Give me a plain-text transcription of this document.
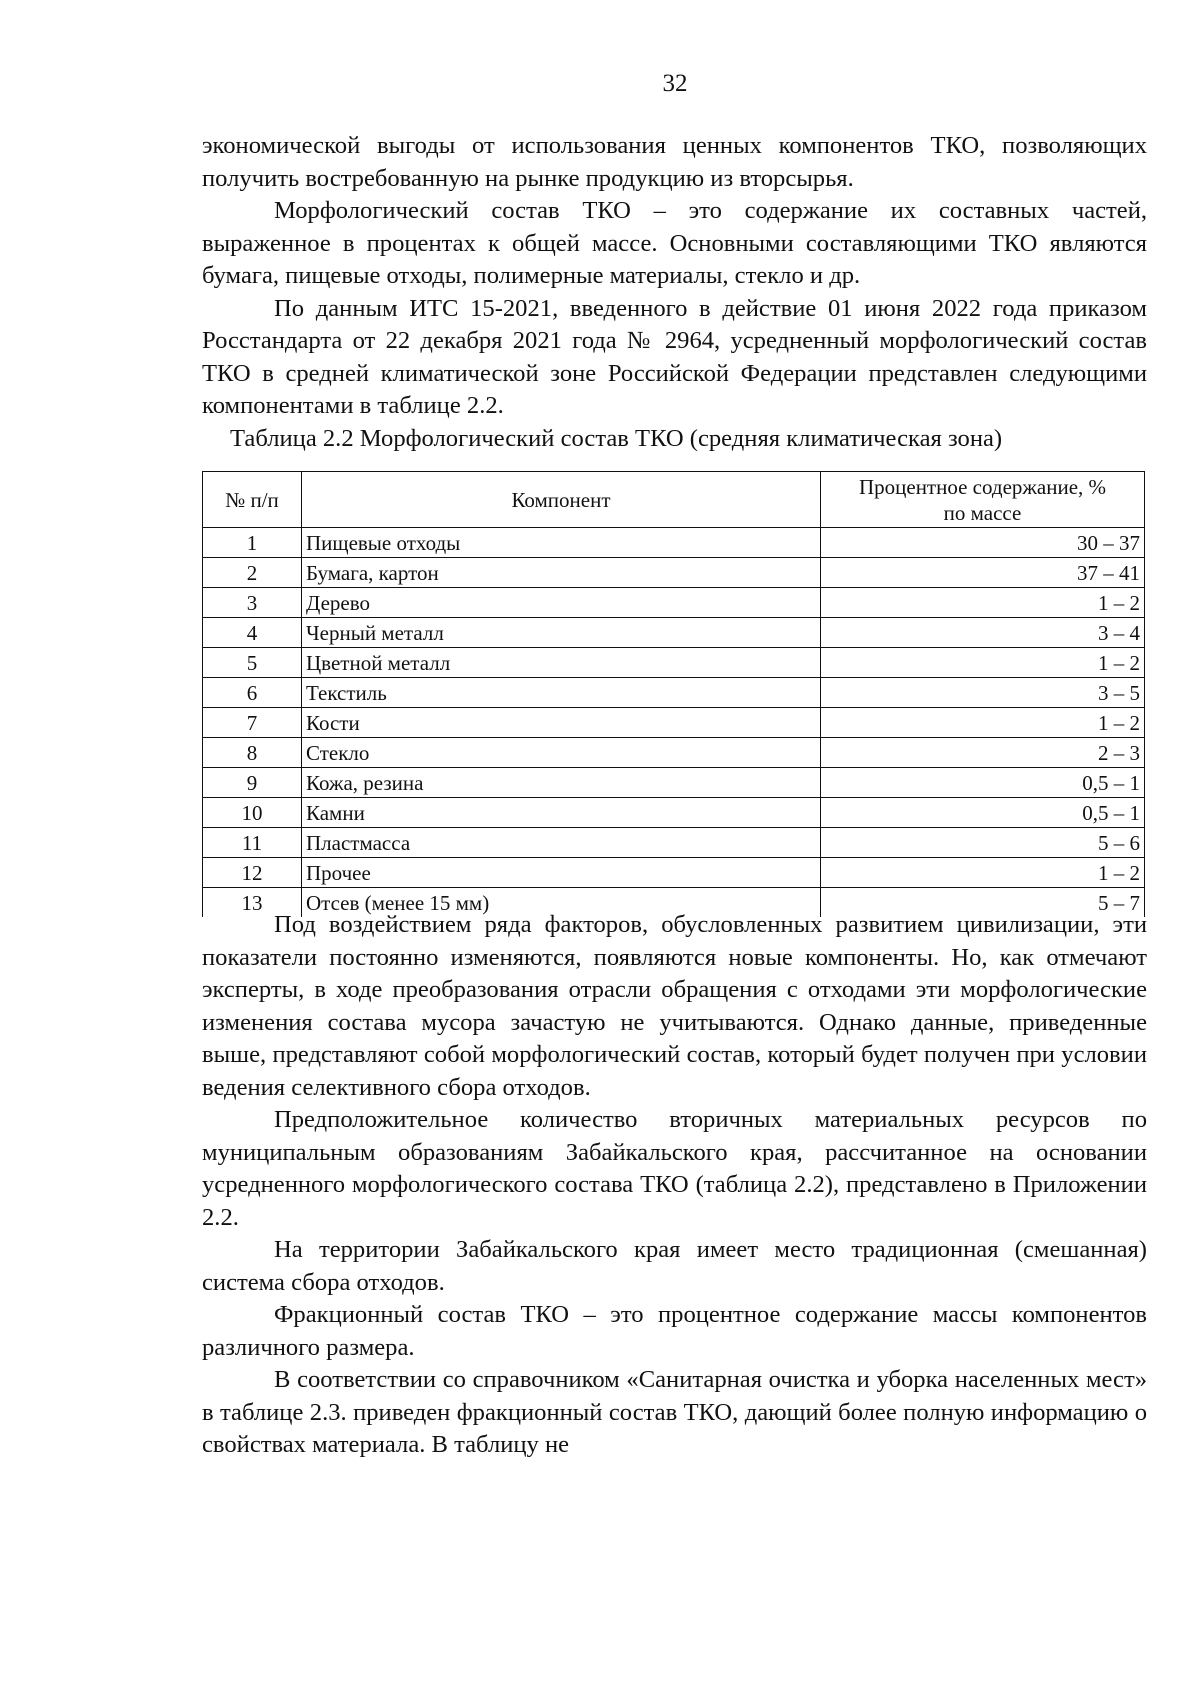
32

экономической выгоды от использования ценных компонентов ТКО, позволяющих получить востребованную на рынке продукцию из вторсырья.

Морфологический состав ТКО – это содержание их составных частей, выраженное в процентах к общей массе. Основными составляющими ТКО являются бумага, пищевые отходы, полимерные материалы, стекло и др.

По данным ИТС 15-2021, введенного в действие 01 июня 2022 года приказом Росстандарта от 22 декабря 2021 года № 2964, усредненный морфологический состав ТКО в средней климатической зоне Российской Федерации представлен следующими компонентами в таблице 2.2.

Таблица 2.2 Морфологический состав ТКО (средняя климатическая зона)

№ п/п	Компонент	Процентное содержание, %
по массе

1	Пищевые отходы	30 – 37
2	Бумага, картон	37 – 41
3	Дерево	1 – 2
4	Черный металл	3 – 4
5	Цветной металл	1 – 2
6	Текстиль	3 – 5
7	Кости	1 – 2
8	Стекло	2 – 3
9	Кожа, резина	0,5 – 1
10	Камни	0,5 – 1
11	Пластмасса	5 – 6
12	Прочее	1 – 2
13	Отсев (менее 15 мм)	5 – 7

Под воздействием ряда факторов, обусловленных развитием цивилизации, эти показатели постоянно изменяются, появляются новые компоненты. Но, как отмечают эксперты, в ходе преобразования отрасли обращения с отходами эти морфологические изменения состава мусора зачастую не учитываются. Однако данные, приведенные выше, представляют собой морфологический состав, который будет получен при условии ведения селективного сбора отходов.

Предположительное количество вторичных материальных ресурсов по муниципальным образованиям Забайкальского края, рассчитанное на основании усредненного морфологического состава ТКО (таблица 2.2), представлено в Приложении 2.2.

На территории Забайкальского края имеет место традиционная (смешанная) система сбора отходов.

Фракционный состав ТКО – это процентное содержание массы компонентов различного размера.

В соответствии со справочником «Санитарная очистка и уборка населенных мест» в таблице 2.3. приведен фракционный состав ТКО, дающий более полную информацию о свойствах материала. В таблицу не
